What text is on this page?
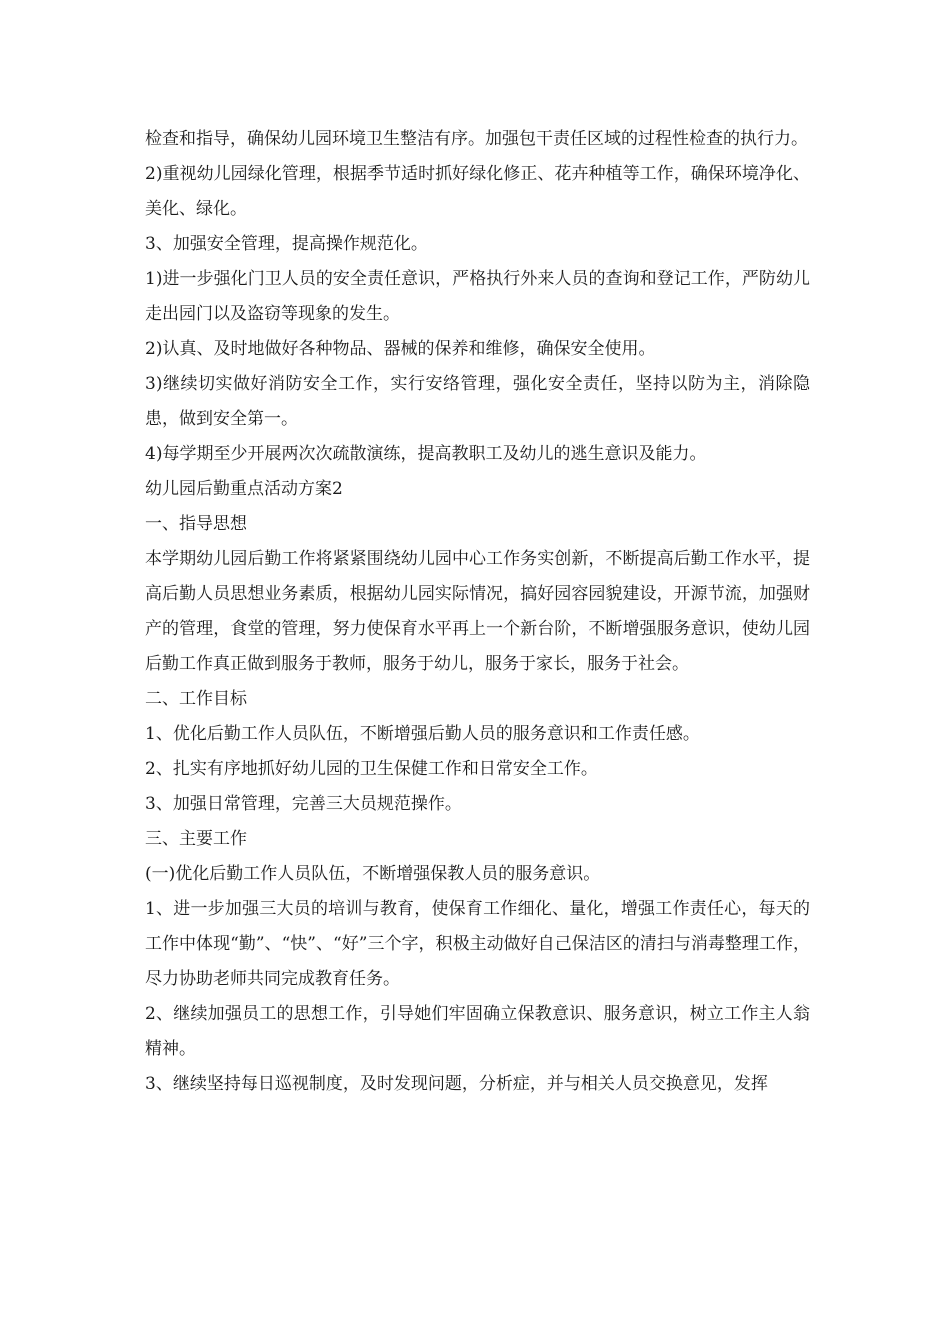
检查和指导，确保幼儿园环境卫生整洁有序。加强包干责任区域的过程性检查的执行力。

2)重视幼儿园绿化管理，根据季节适时抓好绿化修正、花卉种植等工作，确保环境净化、美化、绿化。

3、加强安全管理，提高操作规范化。

1)进一步强化门卫人员的安全责任意识，严格执行外来人员的查询和登记工作，严防幼儿走出园门以及盗窃等现象的发生。

2)认真、及时地做好各种物品、器械的保养和维修，确保安全使用。

3)继续切实做好消防安全工作，实行安络管理，强化安全责任，坚持以防为主，消除隐患，做到安全第一。

4)每学期至少开展两次次疏散演练，提高教职工及幼儿的逃生意识及能力。

幼儿园后勤重点活动方案2

一、指导思想

本学期幼儿园后勤工作将紧紧围绕幼儿园中心工作务实创新，不断提高后勤工作水平，提高后勤人员思想业务素质，根据幼儿园实际情况，搞好园容园貌建设，开源节流，加强财产的管理，食堂的管理，努力使保育水平再上一个新台阶，不断增强服务意识，使幼儿园后勤工作真正做到服务于教师，服务于幼儿，服务于家长，服务于社会。

二、工作目标

1、优化后勤工作人员队伍，不断增强后勤人员的服务意识和工作责任感。

2、扎实有序地抓好幼儿园的卫生保健工作和日常安全工作。

3、加强日常管理，完善三大员规范操作。

三、主要工作

(一)优化后勤工作人员队伍，不断增强保教人员的服务意识。

1、进一步加强三大员的培训与教育，使保育工作细化、量化，增强工作责任心，每天的工作中体现“勤”、“快”、“好”三个字，积极主动做好自己保洁区的清扫与消毒整理工作，尽力协助老师共同完成教育任务。

2、继续加强员工的思想工作，引导她们牢固确立保教意识、服务意识，树立工作主人翁精神。

3、继续坚持每日巡视制度，及时发现问题，分析症，并与相关人员交换意见，发挥
